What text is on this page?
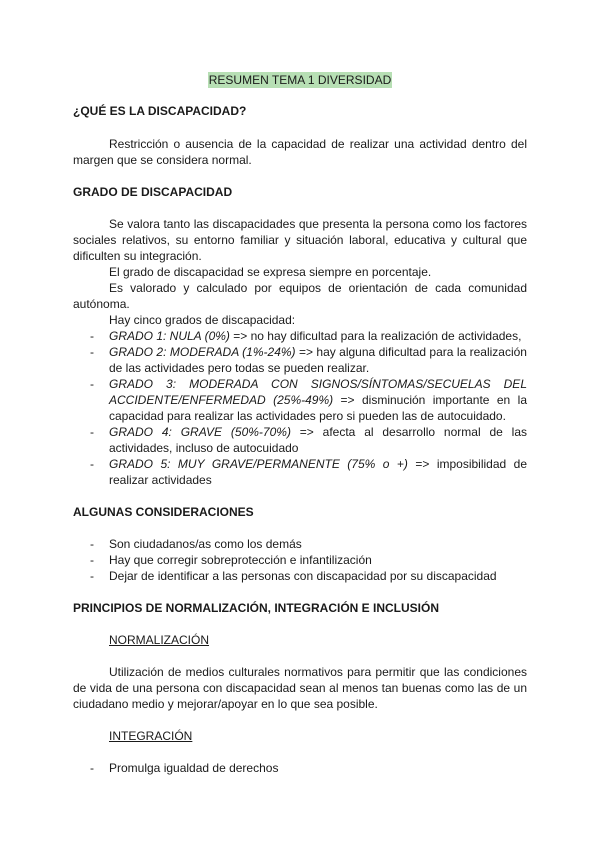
RESUMEN TEMA 1 DIVERSIDAD

¿QUÉ ES LA DISCAPACIDAD?

Restricción o ausencia de la capacidad de realizar una actividad dentro del margen que se considera normal.

GRADO DE DISCAPACIDAD

Se valora tanto las discapacidades que presenta la persona como los factores sociales relativos, su entorno familiar y situación laboral, educativa y cultural que dificulten su integración.

El grado de discapacidad se expresa siempre en porcentaje.

Es valorado y calculado por equipos de orientación de cada comunidad autónoma.

Hay cinco grados de discapacidad:

- GRADO 1: NULA (0%) => no hay dificultad para la realización de actividades,
- GRADO 2: MODERADA (1%-24%) => hay alguna dificultad para la realización de las actividades pero todas se pueden realizar.
- GRADO 3: MODERADA CON SIGNOS/SÍNTOMAS/SECUELAS DEL ACCIDENTE/ENFERMEDAD (25%-49%) => disminución importante en la capacidad para realizar las actividades pero si pueden las de autocuidado.
- GRADO 4: GRAVE (50%-70%) => afecta al desarrollo normal de las actividades, incluso de autocuidado
- GRADO 5: MUY GRAVE/PERMANENTE (75% o +) => imposibilidad de realizar actividades

ALGUNAS CONSIDERACIONES

- Son ciudadanos/as como los demás
- Hay que corregir sobreprotección e infantilización
- Dejar de identificar a las personas con discapacidad por su discapacidad

PRINCIPIOS DE NORMALIZACIÓN, INTEGRACIÓN E INCLUSIÓN

NORMALIZACIÓN

Utilización de medios culturales normativos para permitir que las condiciones de vida de una persona con discapacidad sean al menos tan buenas como las de un ciudadano medio y mejorar/apoyar en lo que sea posible.

INTEGRACIÓN

- Promulga igualdad de derechos
